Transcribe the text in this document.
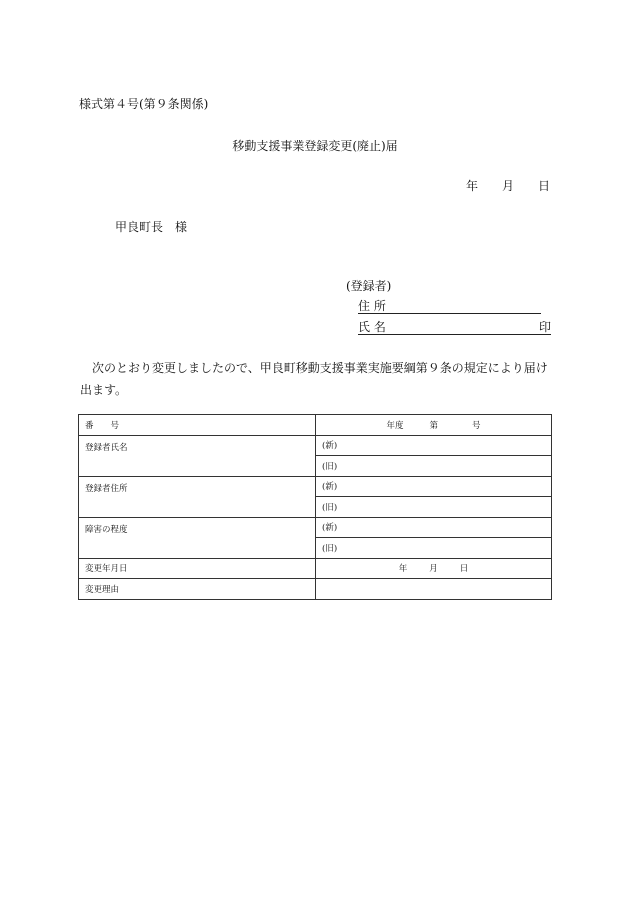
様式第４号(第９条関係)
移動支援事業登録変更(廃止)届
年 月 日
甲良町長　様
(登録者)
住 所
氏 名	印
次のとおり変更しましたので、甲良町移動支援事業実施要綱第９条の規定により届け出ます。
番　　号	年度 第 号
登録者氏名	(新)
	(旧)
登録者住所	(新)
	(旧)
障害の程度	(新)
	(旧)
変更年月日	年 月 日
変更理由	
